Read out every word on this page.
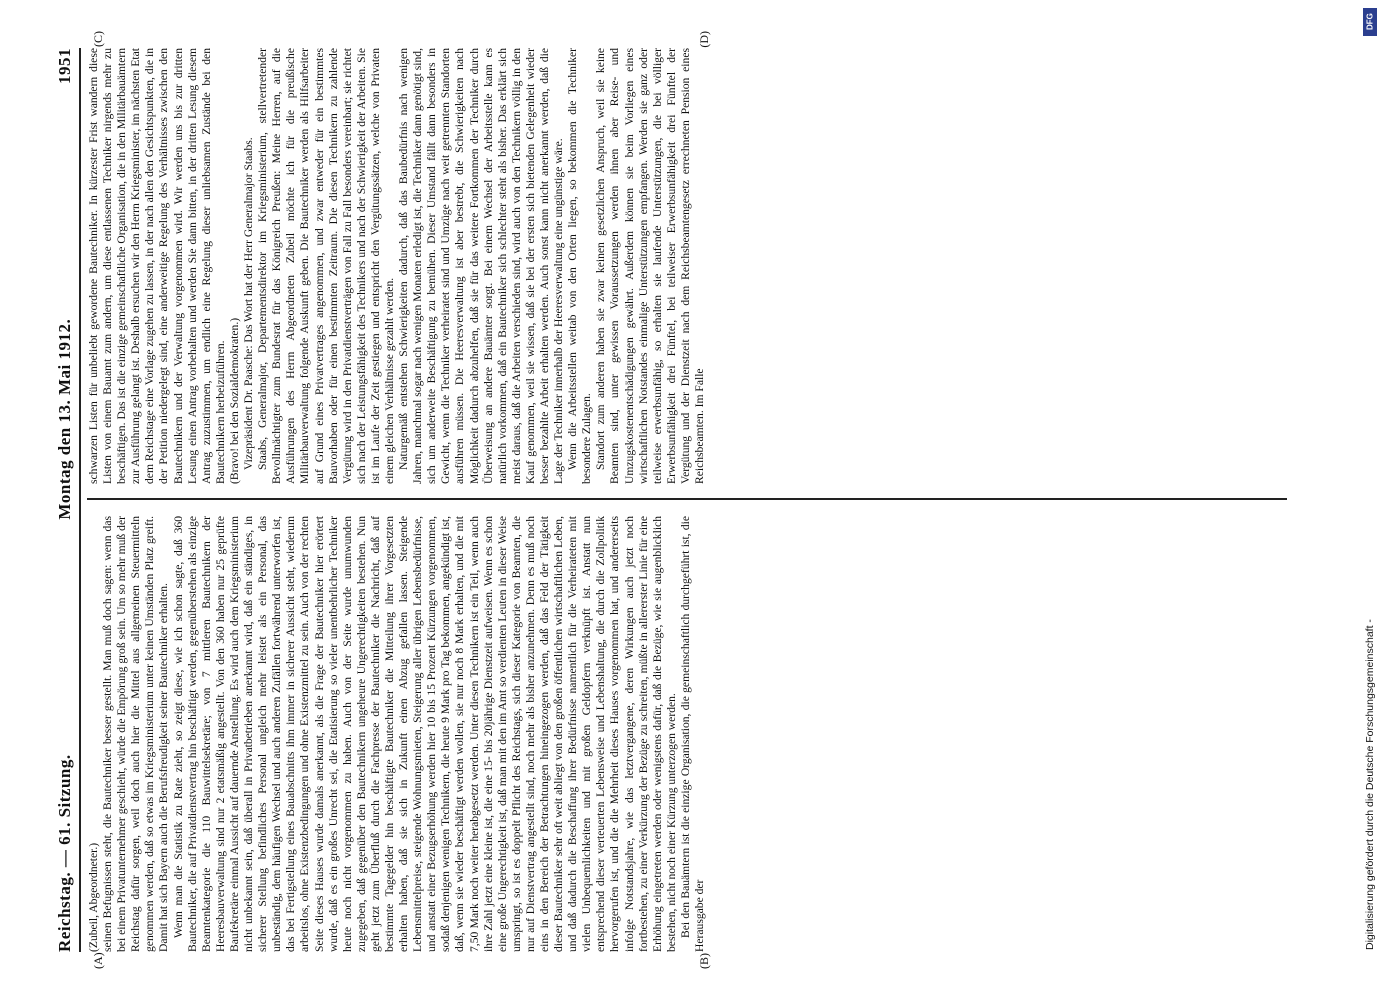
Reichstag. — 61. Sitzung.
Montag den 13. Mai 1912.
1951
(A)	(B)

(Zubeil, Abgeordneter.) seinen Befugnissen steht, die Bautechniker besser gestellt. Man muß doch sagen: wenn das bei einem Privatunternehmer geschieht, würde die Empörung groß sein. Um so mehr muß der Reichstag dafür sorgen, weil doch auch hier die Mittel aus allgemeinen Steuermitteln genommen werden, daß so etwas im Kriegsministerium unter keinen Umständen Platz greift. Damit hat sich Bayern auch die Berufsfreudigkeit seiner Bautechniker erhalten. Wenn man die Statistik zu Rate zieht, so zeigt diese, wie ich schon sagte, daß 360 Bautechniker, die auf Privatdienstvertrag hin beschäftigt werden, gegenüberstehen als einzige Beamtenkategorie die 110 Bauwittelsekretäre; von 7 mittleren Bautechnikern der Heeresbauverwaltung sind nur 2 etatsmäßig angestellt. Von den 360 haben nur 25 geprüfte Baufekretäre einmal Aussicht auf dauernde Anstellung. Es wird auch dem Kriegsministerium nicht unbekannt sein, daß überall in Privatbetrieben anerkannt wird, daß ein ständiges, in sicherer Stellung befindliches Personal ungleich mehr leistet als ein Personal, das unbeständig, dem häufigen Wechsel und auch anderen Zufällen fortwährend unterworfen ist, das bei Fertigstellung eines Bauabschnitts ihm immer in sicherer Aussicht steht, wiederum arbeitslos, ohne Existenzbedingungen und ohne Existenzmittel zu sein. Auch von der rechten Seite dieses Hauses wurde damals anerkannt, als die Frage der Bautechniker hier erörtert wurde, daß es ein großes Unrecht sei, die Etatisierung so vieler unentbehrlicher Techniker heute noch nicht vorgenommen zu haben. Auch von der Seite wurde unumwunden zugegeben, daß gegenüber den Bautechnikern ungeheure Ungerechtigkeiten bestehen. Nun geht jetzt zum Überfluß durch die Fachpresse der Bautechniker die Nachricht, daß auf bestimmte Tagegelder hin beschäftigte Bautechniker die Mitteilung ihrer Vorgesetzten erhalten haben, daß sie sich in Zukunft einen Abzug gefallen lassen. Steigende Lebensmittelpreise, steigende Wohnungsmieten, Steigerung aller übrigen Lebensbedürfnisse, und anstatt einer Bezugserhöhung werden hier 10 bis 15 Prozent Kürzungen vorgenommen, sodaß denjenigen wenigen Technikern, die heute 9 Mark pro Tag bekommen, angekündigt ist, daß, wenn sie wieder beschäftigt werden wollen, sie nur noch 8 Mark erhalten, und die mit 7,50 Mark noch weiter herabgesetzt werden. Unter diesen Technikern ist ein Teil, wenn auch ihre Zahl jetzt eine kleine ist, die eine 15- bis 20jährige Dienstzeit aufweisen. Wenn es schon eine große Ungerechtigkeit ist, daß man mit den im Amt so verdienten Leuten in dieser Weise umspringt, so ist es doppelt Pflicht des Reichstags, sich dieser Kategorie von Beamten, die nur auf Dienstvertrag angestellt sind, noch mehr als bisher anzunehmen. Denn es muß noch eins in den Bereich der Betrachtungen hineingezogen werden, daß das Feld der Tätigkeit dieser Bautechniker sehr oft weit abliegt von den großen öffentlichen wirtschaftlichen Leben, und daß dadurch die Beschaffung ihrer Bedürfnisse namentlich für die Verheirateten mit vielen Unbequemlichkeiten und mit großen Geldopfern verknüpft ist. Anstatt nun entsprechend dieser verteuerten Lebensweise und Lebenshaltung, die durch die Zollpolitik hervorgerufen ist, und die die Mehrheit dieses Hauses vorgenommen hat, und andererseits infolge Notstandsjahre, wie das letztvergangene, deren Wirkungen auch jetzt noch fortbestehen, zu einer Verkürzung der Bezüge zu schreiten, müßte in allererster Linie für eine Erhöhung eingetreten werden oder wenigstens dafür, daß die Bezüge, wie sie augenblicklich bestehen, nicht noch einer Kürzung unterzogen werden. Bei den Bauämtern ist die einzige Organisation, die gemeinschaftlich durchgeführt ist, die Herausgabe der

(C)	(D)

schwarzen Listen für unbeliebt gewordene Bautechniker. In kürzester Frist wandern diese Listen von einem Bauamt zum andern, um diese entlassenen Techniker nirgends mehr zu beschäftigen. Das ist die einzige gemeinschaftliche Organisation, die in den Militärbauämtern zur Ausführung gelangt ist. Deshalb ersuchen wir den Herrn Kriegsminister, im nächsten Etat dem Reichstage eine Vorlage zugehen zu lassen, in der nach allen den Gesichtspunkten, die in der Petition niedergelegt sind, eine anderweitige Regelung des Verhältnisses zwischen den Bautechnikern und der Verwaltung vorgenommen wird. Wir werden uns bis zur dritten Lesung einen Antrag vorbehalten und werden Sie dann bitten, in der dritten Lesung diesem Antrag zuzustimmen, um endlich eine Regelung dieser unliebsamen Zustände bei den Bautechnikern herbeizuführen. (Bravo! bei den Sozialdemokraten.) Vizepräsident Dr. Paasche: Das Wort hat der Herr Generalmajor Staabs. Staabs, Generalmajor, Departementsdirektor im Kriegsministerium, stellvertretender Bevollmächtigter zum Bundesrat für das Königreich Preußen: Meine Herren, auf die Ausführungen des Herrn Abgeordneten Zubeil möchte ich für die preußische Militärbauverwaltung folgende Auskunft geben. Die Bautechniker werden als Hilfsarbeiter auf Grund eines Privatvertrages angenommen, und zwar entweder für ein bestimmtes Bauvorhaben oder für einen bestimmten Zeitraum. Die diesen Technikern zu zahlende Vergütung wird in den Privatdienstverträgen von Fall zu Fall besonders vereinbart; sie richtet sich nach der Leistungsfähigkeit des Technikers und nach der Schwierigkeit der Arbeiten. Sie ist im Laufe der Zeit gestiegen und entspricht den Vergütungssätzen, welche von Privaten einem gleichen Verhältnisse gezahlt werden. Naturgemäß entstehen Schwierigkeiten dadurch, daß das Baubedürfnis nach wenigen Jahren, manchmal sogar nach wenigen Monaten erledigt ist, die Techniker dann genötigt sind, sich um anderweite Beschäftigung zu bemühen. Dieser Umstand fällt dann besonders in Gewicht, wenn die Techniker verheiratet sind und Umzüge nach weit getrennten Standorten ausführen müssen. Die Heeresverwaltung ist aber bestrebt, die Schwierigkeiten nach Möglichkeit dadurch abzuhelfen, daß sie für das weitere Fortkommen der Techniker durch Überweisung an andere Bauämter sorgt. Bei einem Wechsel der Arbeitsstelle kann es natürlich vorkommen, daß ein Bautechniker sich schlechter steht als bisher. Das erklärt sich meist daraus, daß die Arbeiten verschieden sind, wird auch von den Technikern völlig in den Kauf genommen, weil sie wissen, daß sie bei der ersten sich bietenden Gelegenheit wieder besser bezahlte Arbeit erhalten werden. Auch sonst kann nicht anerkannt werden, daß die Lage der Techniker innerhalb der Heeresverwaltung eine ungünstige wäre. Wenn die Arbeitsstellen weitab von den Orten liegen, so bekommen die Techniker besondere Zulagen. Standort zum anderen haben sie zwar keinen gesetzlichen Anspruch, weil sie keine Beamten sind, unter gewissen Voraussetzungen werden ihnen aber Reise- und Umzugskostenentschädigungen gewährt. Außerdem können sie beim Vorliegen eines wirtschaftlichen Notstandes einmalige Unterstützungen empfangen. Werden sie ganz oder teilweise erwerbsunfähig, so erhalten sie laufende Unterstützungen, die bei völliger Erwerbsunfähigkeit drei Fünftel, bei teilweiser Erwerbsunfähigkeit drei Fünftel der Vergütung und der Dienstzeit nach dem Reichsbeamtengesetz errechneten Pension eines Reichsbeamten. Im Falle

DFG
Digitalisierung gefördert durch die Deutsche Forschungsgemeinschaft -
